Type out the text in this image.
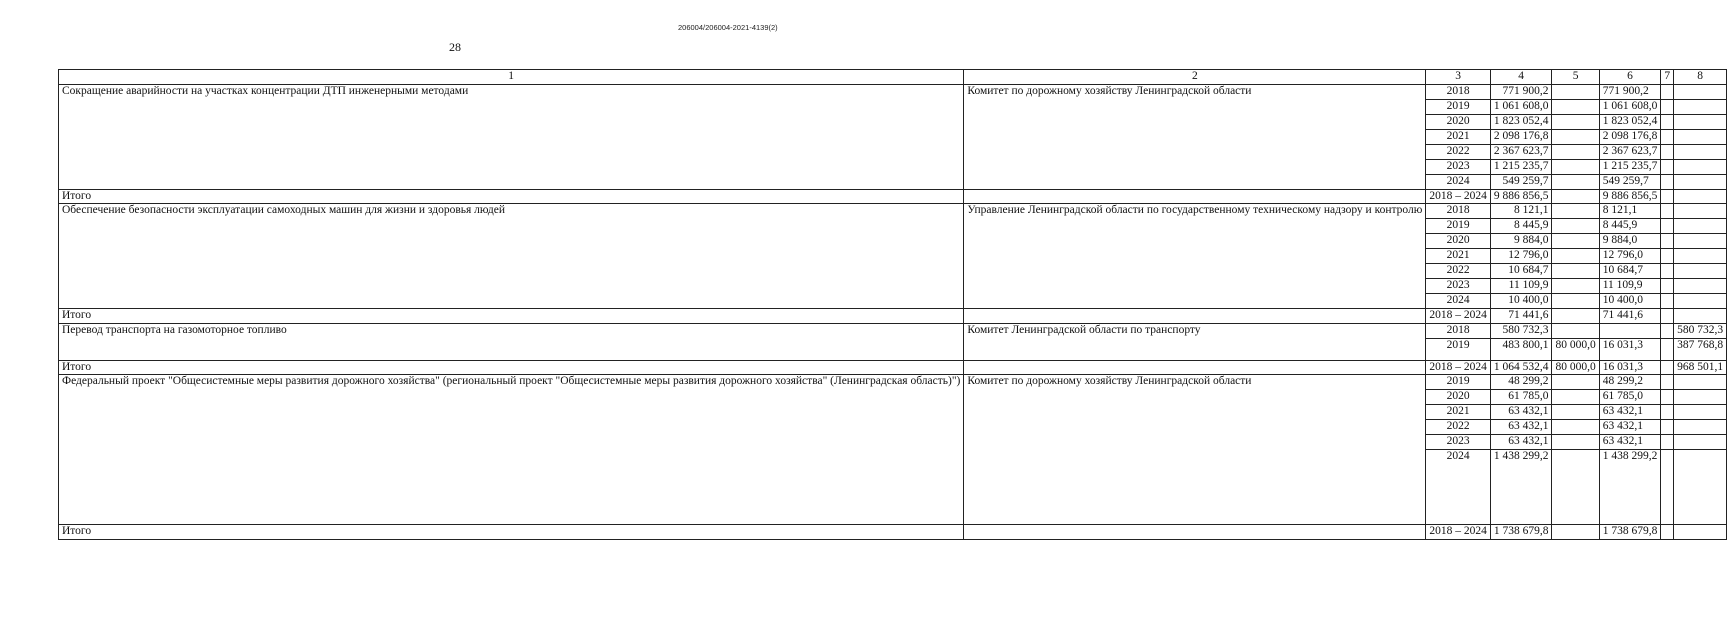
206004/206004-2021-4139(2)
28
1	2	3	4	5	6	7	8
Сокращение аварийности на участках концентрации ДТП инженерными методами	Комитет по дорожному хозяйству Ленинградской области	2018	771 900,2		771 900,2		
		2019	1 061 608,0		1 061 608,0		
		2020	1 823 052,4		1 823 052,4		
		2021	2 098 176,8		2 098 176,8		
		2022	2 367 623,7		2 367 623,7		
		2023	1 215 235,7		1 215 235,7		
		2024	549 259,7		549 259,7		
Итого		2018 – 2024	9 886 856,5		9 886 856,5		
Обеспечение безопасности эксплуатации самоходных машин для жизни и здоровья людей	Управление Ленинградской области по государственному техническому надзору и контролю	2018	8 121,1		8 121,1		
		2019	8 445,9		8 445,9		
		2020	9 884,0		9 884,0		
		2021	12 796,0		12 796,0		
		2022	10 684,7		10 684,7		
		2023	11 109,9		11 109,9		
		2024	10 400,0		10 400,0		
Итого		2018 – 2024	71 441,6		71 441,6		
Перевод транспорта на газомоторное топливо	Комитет Ленинградской области по транспорту	2018	580 732,3				580 732,3
		2019	483 800,1	80 000,0	16 031,3		387 768,8
Итого		2018 – 2024	1 064 532,4	80 000,0	16 031,3		968 501,1
Федеральный проект "Общесистемные меры развития дорожного хозяйства" (региональный проект "Общесистемные меры развития дорожного хозяйства" (Ленинградская область)")	Комитет по дорожному хозяйству Ленинградской области	2019	48 299,2		48 299,2		
		2020	61 785,0		61 785,0		
		2021	63 432,1		63 432,1		
		2022	63 432,1		63 432,1		
		2023	63 432,1		63 432,1		
		2024	1 438 299,2		1 438 299,2		
Итого		2018 – 2024	1 738 679,8		1 738 679,8		
